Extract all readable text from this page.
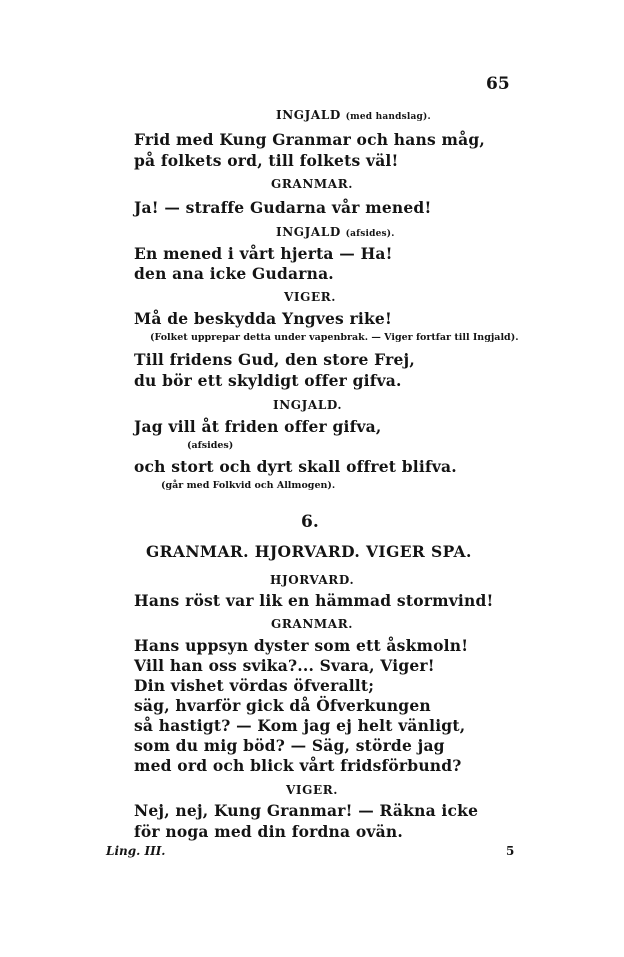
65
INGJALD (med handslag).
Frid med Kung Granmar och hans måg,
på folkets ord, till folkets väl!
GRANMAR.
Ja! — straffe Gudarna vår mened!
INGJALD (afsides).
En mened i vårt hjerta — Ha!
den ana icke Gudarna.
VIGER.
Må de beskydda Yngves rike!
(Folket upprepar detta under vapenbrak. — Viger fortfar till Ingjald).
Till fridens Gud, den store Frej,
du bör ett skyldigt offer gifva.
INGJALD.
Jag vill åt friden offer gifva,
(afsides)
och stort och dyrt skall offret blifva.
(går med Folkvid och Allmogen).
6.
GRANMAR. HJORVARD. VIGER SPA.
HJORVARD.
Hans röst var lik en hämmad stormvind!
GRANMAR.
Hans uppsyn dyster som ett åskmoln!
Vill han oss svika?... Svara, Viger!
Din vishet vördas öfverallt;
säg, hvarför gick då Öfverkungen
så hastigt? — Kom jag ej helt vänligt,
som du mig böd? — Säg, störde jag
med ord och blick vårt fridsförbund?
VIGER.
Nej, nej, Kung Granmar! — Räkna icke
för noga med din fordna ovän.
Ling. III.	5
